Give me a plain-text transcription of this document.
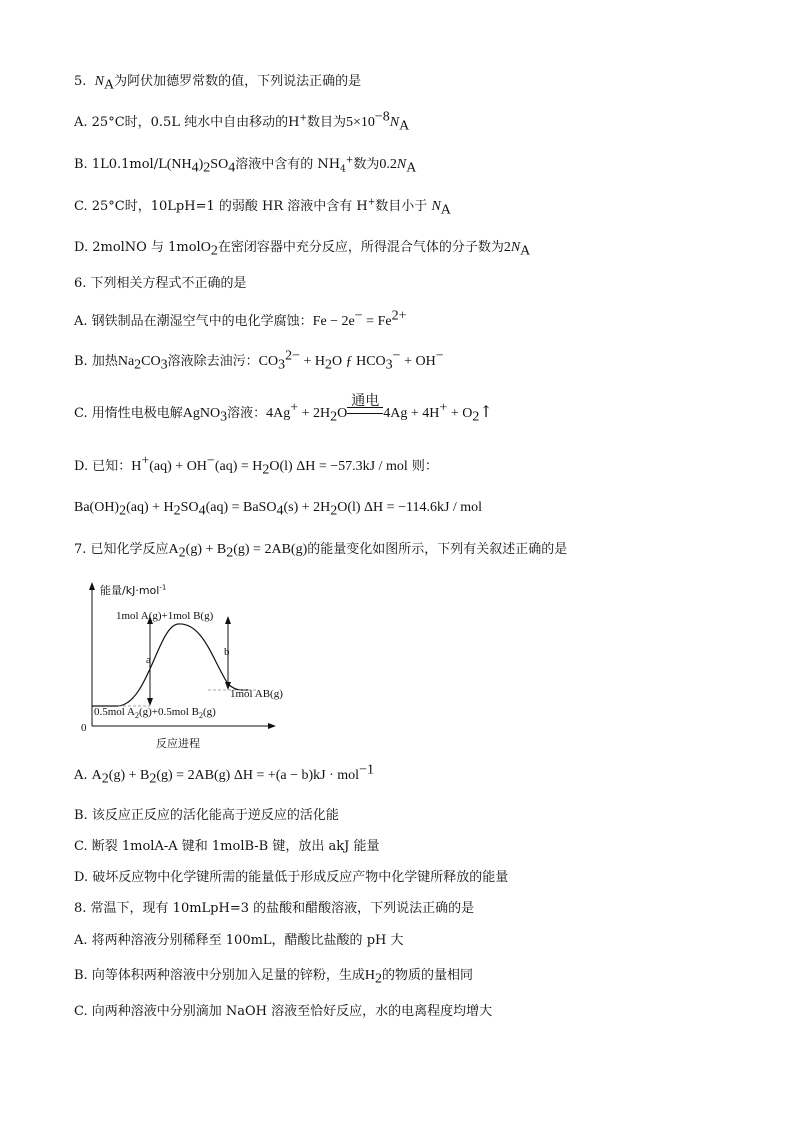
5. $N_A$为阿伏加德罗常数的值，下列说法正确的是
A. 25°C时，0.5L 纯水中自由移动的H+数目为$5\times 10^{-8}N_A$
B. $1L0.1mol/L(NH_4)_2SO_4$溶液中含有的 $NH_4^+$数为$0.2N_A$
C. 25°C时，10LpH=1 的弱酸 HR 溶液中含有 H+数目小于 $N_A$
D. 2molNO 与 1molO$_2$在密闭容器中充分反应，所得混合气体的分子数为$2N_A$
6. 下列相关方程式不正确的是
A. 钢铁制品在潮湿空气中的电化学腐蚀：$Fe - 2e^- = Fe^{2+}$
B. 加热$Na_2CO_3$溶液除去油污：$CO_3^{2-} + H_2O$ ƒ $HCO_3^- + OH^-$
C. 用惰性电极电解AgNO$_3$溶液：$4Ag^+ + 2H_2O$
通电
$4Ag + 4H^+ + O_2↑$
D. 已知：$H^+(aq) + OH^-(aq) = H_2O(l) \Delta H = -57.3kJ$ / mol 则：
$Ba(OH)_2(aq) + H_2SO_4(aq)$ = BaSO$_4$(s) + $2H_2O(l) \Delta H = -114.6kJ$ / mol
7. 已知化学反应$A_2(g) + B_2(g) = 2AB(g)$的能量变化如图所示，下列有关叙述正确的是
能量/kJ·mol$^{-1}$
1mol A(g)+1mol B(g)
a
b
1mol AB(g)
0.5mol $A_2(g)+0.5mol$ $B_2(g)$
0
反应进程
A. $A_2(g) + B_2(g) = 2AB(g) \Delta H = +(a - b)kJ \cdot mol^{-1}$
B. 该反应正反应的活化能高于逆反应的活化能
C. 断裂 1molA-A 键和 1molB-B 键，放出 akJ 能量
D. 破坏反应物中化学键所需的能量低于形成反应产物中化学键所释放的能量
8. 常温下，现有 10mLpH=3 的盐酸和醋酸溶液，下列说法正确的是
A. 将两种溶液分别稀释至 100mL，醋酸比盐酸的 pH 大
B. 向等体积两种溶液中分别加入足量的锌粉，生成$H_2$的物质的量相同
C. 向两种溶液中分别滴加 NaOH 溶液至恰好反应，水的电离程度均增大
